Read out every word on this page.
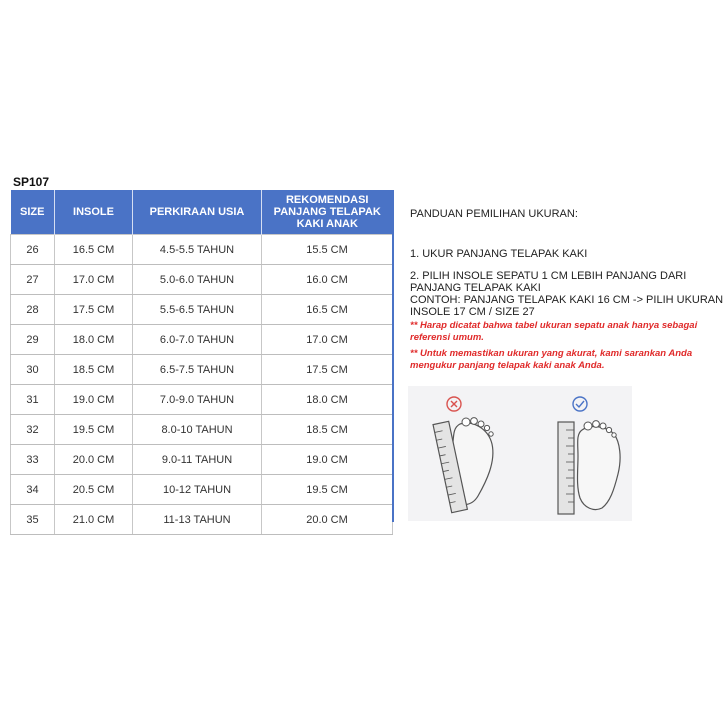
SP107
SIZE	INSOLE	PERKIRAAN USIA	REKOMENDASI
PANJANG TELAPAK
KAKI ANAK
26	16.5 CM	4.5-5.5 TAHUN	15.5 CM
27	17.0 CM	5.0-6.0 TAHUN	16.0 CM
28	17.5 CM	5.5-6.5 TAHUN	16.5 CM
29	18.0 CM	6.0-7.0 TAHUN	17.0 CM
30	18.5 CM	6.5-7.5 TAHUN	17.5 CM
31	19.0 CM	7.0-9.0 TAHUN	18.0 CM
32	19.5 CM	8.0-10 TAHUN	18.5 CM
33	20.0 CM	9.0-11 TAHUN	19.0 CM
34	20.5 CM	10-12 TAHUN	19.5 CM
35	21.0 CM	11-13 TAHUN	20.0 CM
PANDUAN PEMILIHAN UKURAN:
1. UKUR PANJANG TELAPAK KAKI
2. PILIH INSOLE SEPATU 1 CM LEBIH PANJANG DARI
PANJANG TELAPAK KAKI
CONTOH: PANJANG TELAPAK KAKI 16 CM -> PILIH UKURAN
INSOLE 17 CM / SIZE 27
** Harap dicatat bahwa tabel ukuran sepatu anak hanya sebagai
referensi umum.
** Untuk memastikan ukuran yang akurat, kami sarankan Anda
mengukur panjang telapak kaki anak Anda.
